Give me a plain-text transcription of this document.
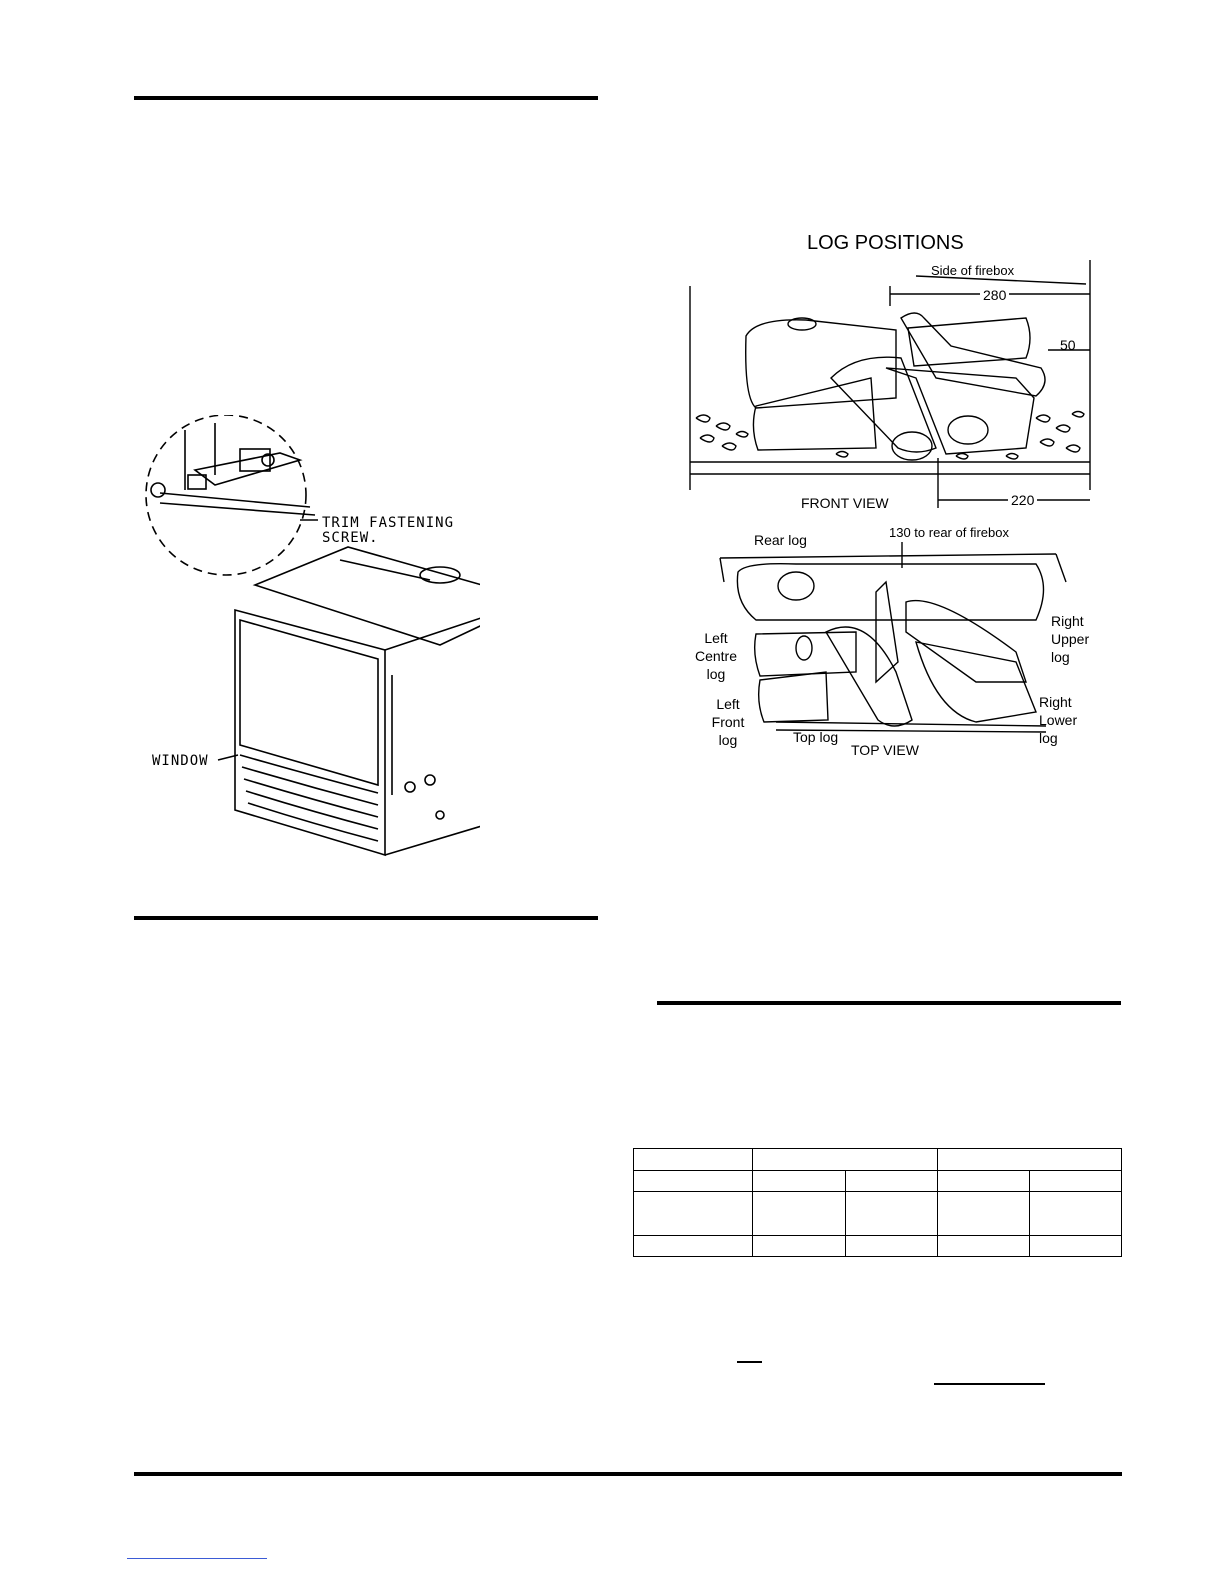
TRIM FASTENING
SCREW.
WINDOW
LOG POSITIONS
Side of firebox
280
50
FRONT VIEW	220
130 to rear of firebox
Rear log
Left
Centre
log
Left
Front
log	Top log
TOP VIEW
Right
Upper
log
Right
Lower
log
